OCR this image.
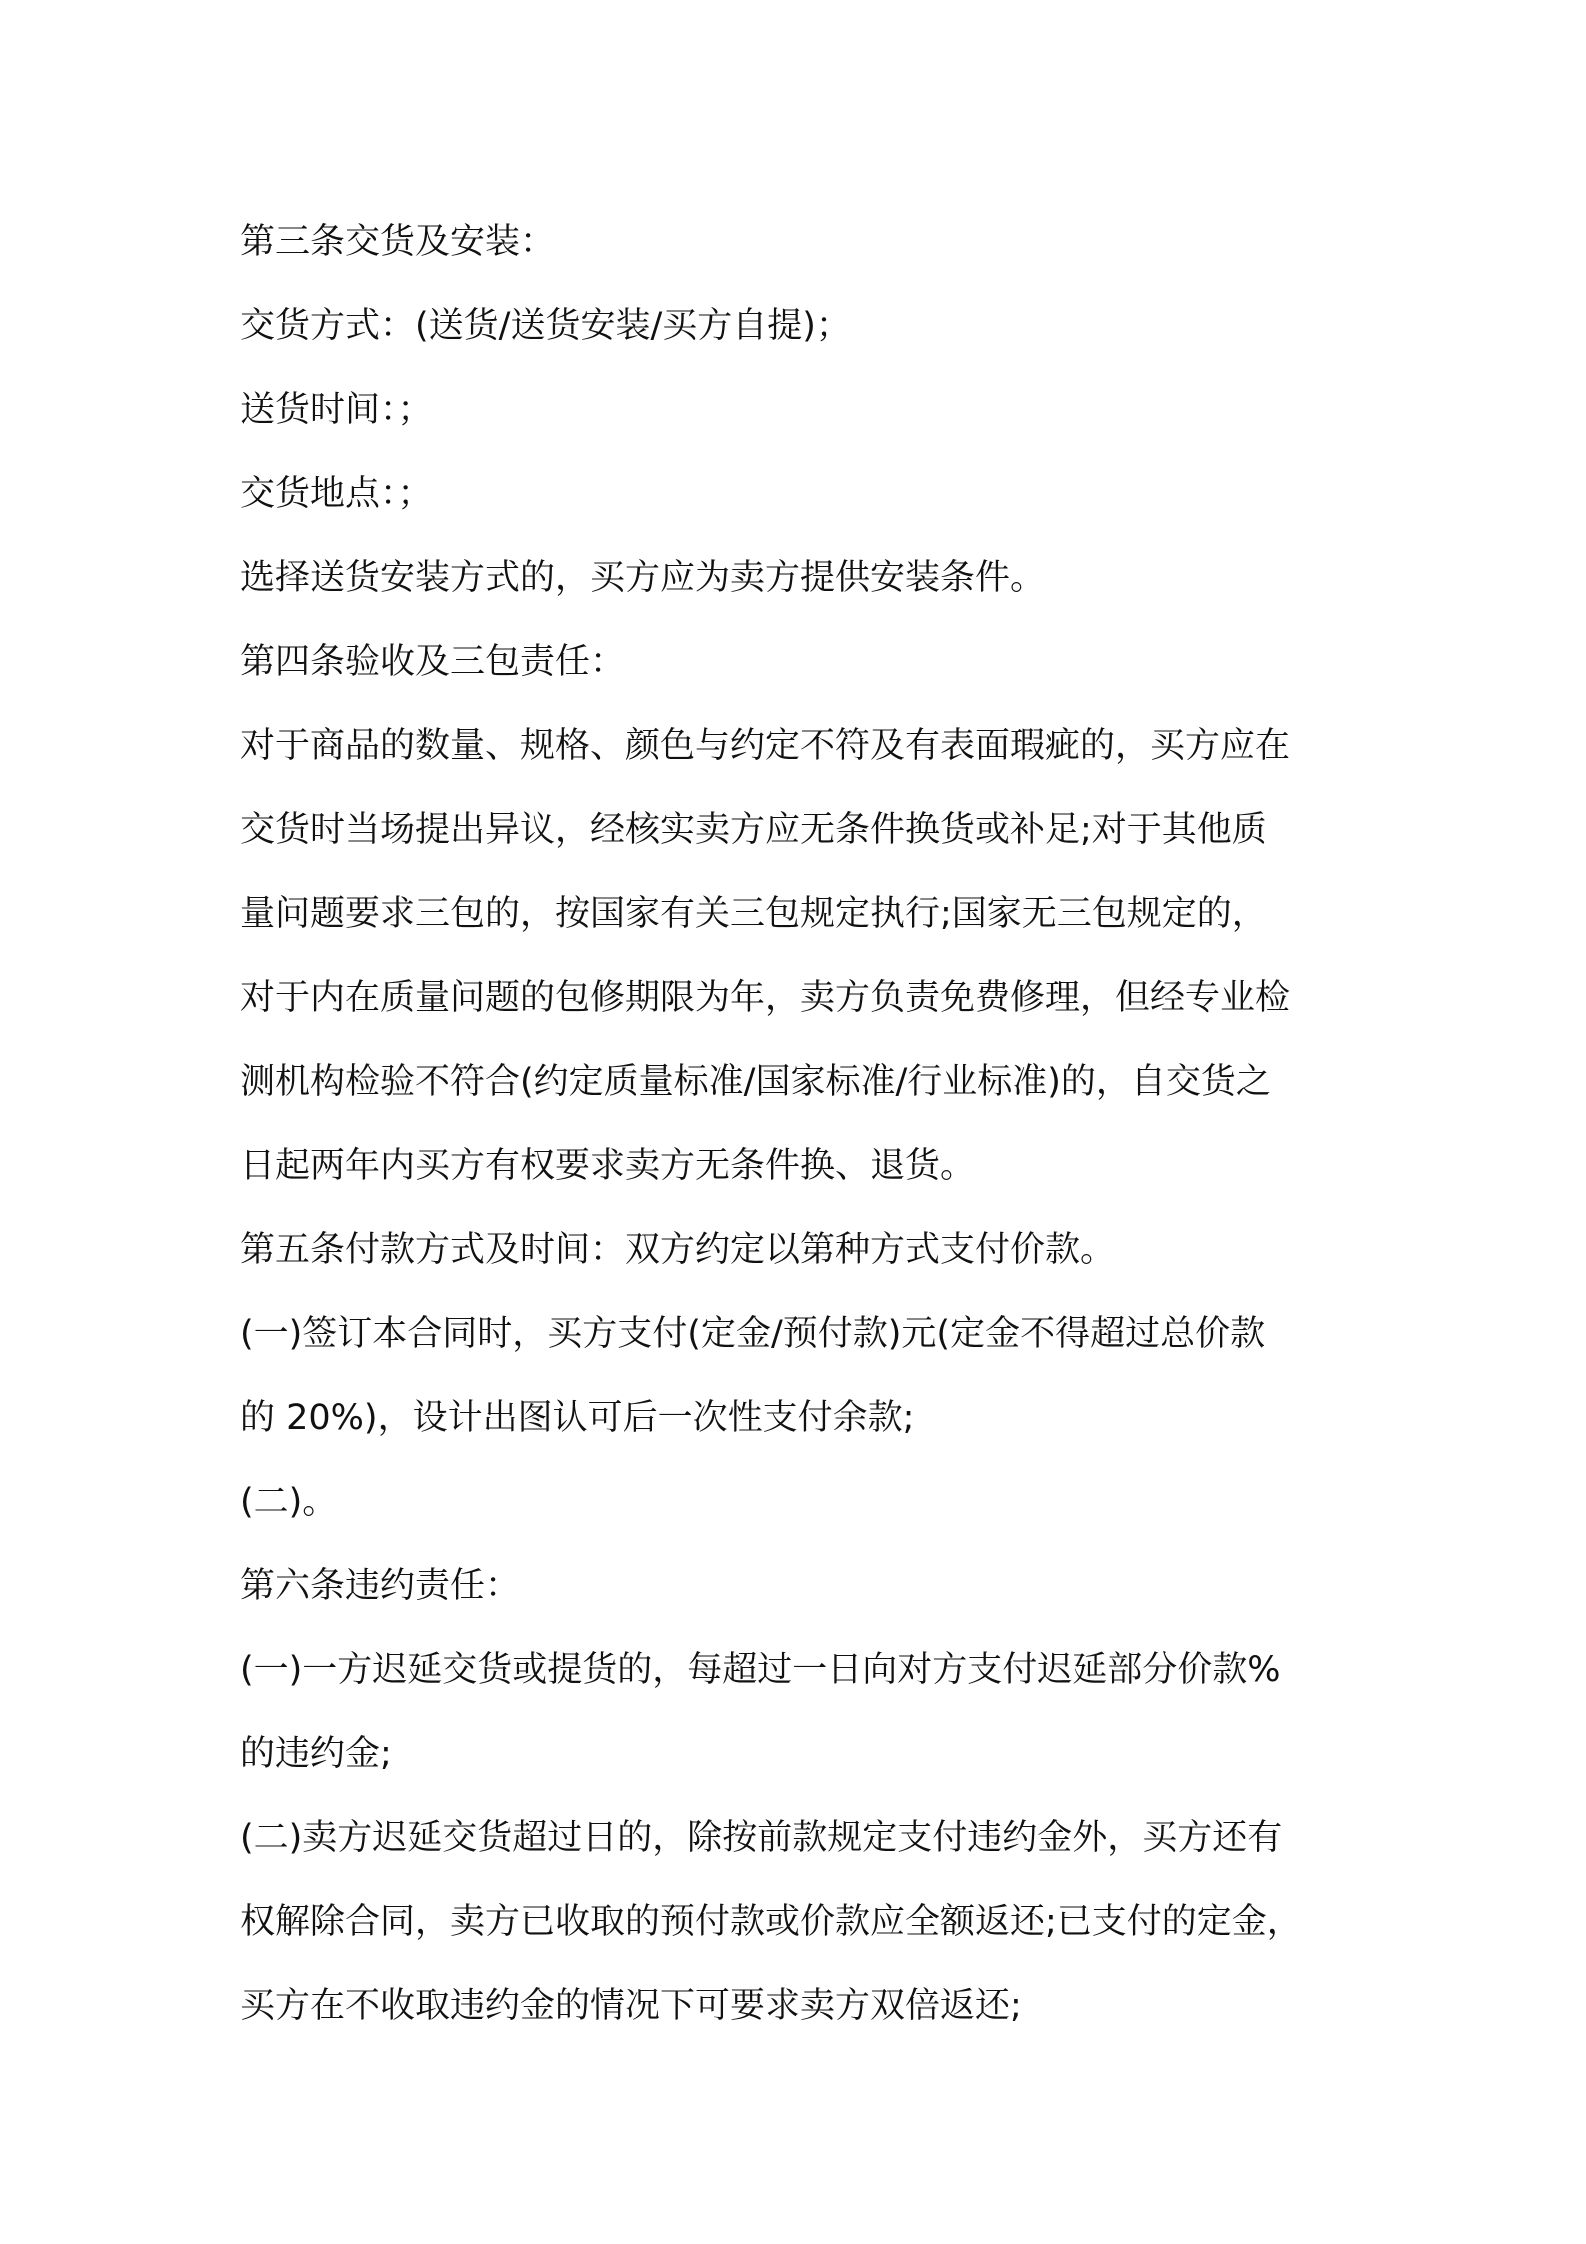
第三条交货及安装：
交货方式：(送货/送货安装/买方自提)；
送货时间：；
交货地点：；
选择送货安装方式的，买方应为卖方提供安装条件。
第四条验收及三包责任：
对于商品的数量、规格、颜色与约定不符及有表面瑕疵的，买方应在
交货时当场提出异议，经核实卖方应无条件换货或补足;对于其他质
量问题要求三包的，按国家有关三包规定执行;国家无三包规定的，
对于内在质量问题的包修期限为年，卖方负责免费修理，但经专业检
测机构检验不符合(约定质量标准/国家标准/行业标准)的，自交货之
日起两年内买方有权要求卖方无条件换、退货。
第五条付款方式及时间：双方约定以第种方式支付价款。
(一)签订本合同时，买方支付(定金/预付款)元(定金不得超过总价款
的 20%)，设计出图认可后一次性支付余款;
(二)。
第六条违约责任：
(一)一方迟延交货或提货的，每超过一日向对方支付迟延部分价款%
的违约金;
(二)卖方迟延交货超过日的，除按前款规定支付违约金外，买方还有
权解除合同，卖方已收取的预付款或价款应全额返还;已支付的定金，
买方在不收取违约金的情况下可要求卖方双倍返还;
